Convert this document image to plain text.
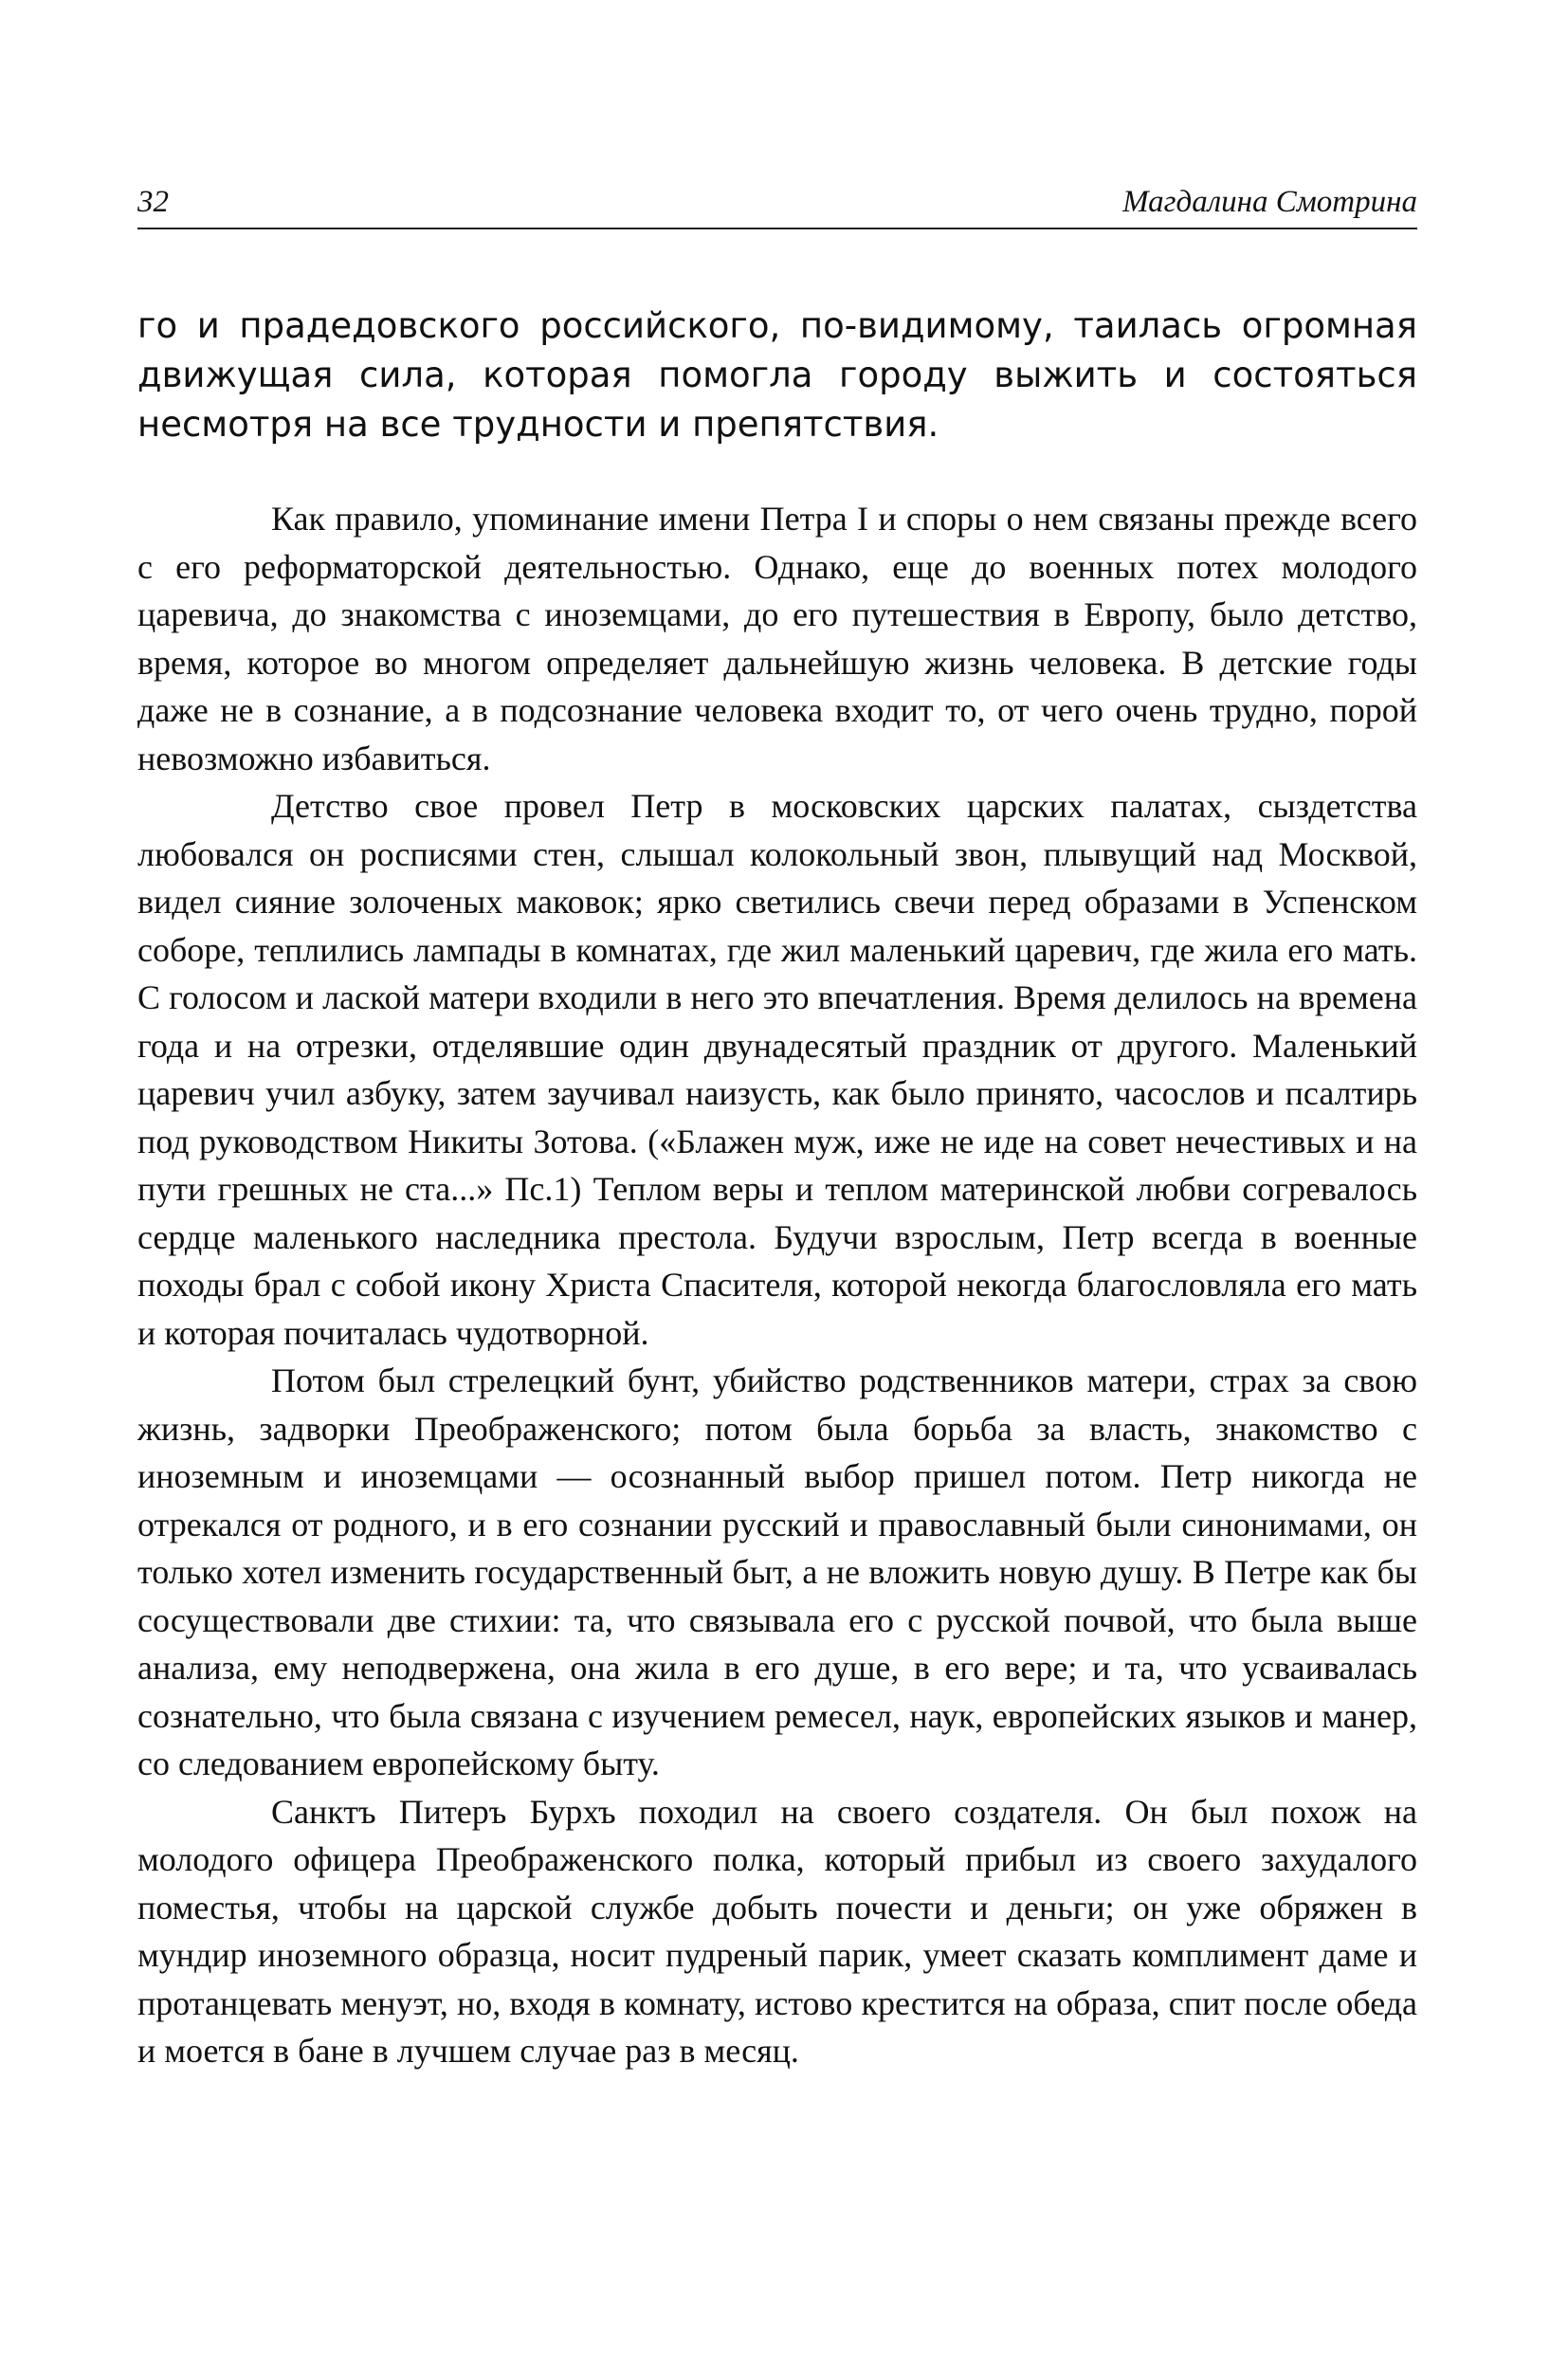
32	Магдалина Смотрина

го и прадедовского российского, по-видимому, таилась огромная движущая сила, которая помогла городу выжить и состояться несмотря на все трудности и препятствия.

Как правило, упоминание имени Петра I и споры о нем связаны прежде всего с его реформаторской деятельностью. Однако, еще до военных потех молодого царевича, до знакомства с иноземцами, до его путешествия в Европу, было детство, время, которое во многом определяет дальнейшую жизнь человека. В детские годы даже не в сознание, а в подсознание человека входит то, от чего очень трудно, порой невозможно избавиться.

Детство свое провел Петр в московских царских палатах, сыздетства любовался он росписями стен, слышал колокольный звон, плывущий над Москвой, видел сияние золоченых маковок; ярко светились свечи перед образами в Успенском соборе, теплились лампады в комнатах, где жил маленький царевич, где жила его мать. С голосом и лаской матери входили в него это впечатления. Время делилось на времена года и на отрезки, отделявшие один двунадесятый праздник от другого. Маленький царевич учил азбуку, затем заучивал наизусть, как было принято, часослов и псалтирь под руководством Никиты Зотова. («Блажен муж, иже не иде на совет нечестивых и на пути грешных не ста...» Пс.1) Теплом веры и теплом материнской любви согревалось сердце маленького наследника престола. Будучи взрослым, Петр всегда в военные походы брал с собой икону Христа Спасителя, которой некогда благословляла его мать и которая почиталась чудотворной.

Потом был стрелецкий бунт, убийство родственников матери, страх за свою жизнь, задворки Преображенского; потом была борьба за власть, знакомство с иноземным и иноземцами — осознанный выбор пришел потом. Петр никогда не отрекался от родного, и в его сознании русский и православный были синонимами, он только хотел изменить государственный быт, а не вложить новую душу. В Петре как бы сосуществовали две стихии: та, что связывала его с русской почвой, что была выше анализа, ему неподвержена, она жила в его душе, в его вере; и та, что усваивалась сознательно, что была связана с изучением ремесел, наук, европейских языков и манер, со следованием европейскому быту.

Санктъ Питеръ Бурхъ походил на своего создателя. Он был похож на молодого офицера Преображенского полка, который прибыл из своего захудалого поместья, чтобы на царской службе добыть почести и деньги; он уже обряжен в мундир иноземного образца, носит пудреный парик, умеет сказать комплимент даме и протанцевать менуэт, но, входя в комнату, истово крестится на образа, спит после обеда и моется в бане в лучшем случае раз в месяц.
